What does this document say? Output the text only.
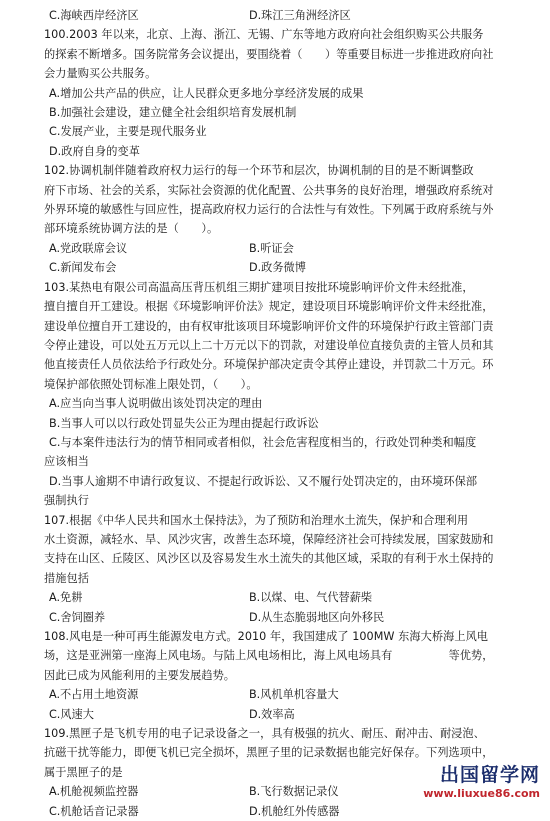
C.海峡西岸经济区	D.珠江三角洲经济区
100.2003 年以来，北京、上海、浙江、无锡、广东等地方政府向社会组织购买公共服务
的探索不断增多。国务院常务会议提出，要围绕着（　　）等重要目标进一步推进政府向社
会力量购买公共服务。
A.增加公共产品的供应，让人民群众更多地分享经济发展的成果
B.加强社会建设，建立健全社会组织培育发展机制
C.发展产业，主要是现代服务业
D.政府自身的变革
102.协调机制伴随着政府权力运行的每一个环节和层次，协调机制的目的是不断调整政
府下市场、社会的关系，实际社会资源的优化配置、公共事务的良好治理，增强政府系统对
外界环境的敏感性与回应性，提高政府权力运行的合法性与有效性。下列属于政府系统与外
部环境系统协调方法的是（　　）。
A.党政联席会议	B.听证会
C.新闻发布会	D.政务微博
103.某热电有限公司高温高压背压机组三期扩建项目按批环境影响评价文件未经批准，
擅自擅自开工建设。根据《环境影响评价法》规定，建设项目环境影响评价文件未经批准，
建设单位擅自开工建设的，由有权审批该项目环境影响评价文件的环境保护行政主管部门责
令停止建设，可以处五万元以上二十万元以下的罚款，对建设单位直接负责的主管人员和其
他直接责任人员依法给予行政处分。环境保护部决定责令其停止建设，并罚款二十万元。环
境保护部依照处罚标准上限处罚，（　　）。
A.应当向当事人说明做出该处罚决定的理由
B.当事人可以以行政处罚显失公正为理由提起行政诉讼
C.与本案件违法行为的情节相同或者相似，社会危害程度相当的，行政处罚种类和幅度
应该相当
D.当事人逾期不申请行政复议、不提起行政诉讼、又不履行处罚决定的，由环境环保部
强制执行
107.根据《中华人民共和国水土保持法》，为了预防和治理水土流失，保护和合理利用
水土资源，减轻水、旱、风沙灾害，改善生态环境，保障经济社会可持续发展，国家鼓励和
支持在山区、丘陵区、风沙区以及容易发生水土流失的其他区域，采取的有利于水土保持的
措施包括
A.免耕	B.以煤、电、气代替薪柴
C.舍饲圈养	D.从生态脆弱地区向外移民
108.风电是一种可再生能源发电方式。2010 年，我国建成了 100MW 东海大桥海上风电
场，这是亚洲第一座海上风电场。与陆上风电场相比，海上风电场具有　　　　　等优势，
因此已成为风能利用的主要发展趋势。
A.不占用土地资源	B.风机单机容量大
C.风速大	D.效率高
109.黑匣子是飞机专用的电子记录设备之一，具有极强的抗火、耐压、耐冲击、耐浸泡、
抗磁干扰等能力，即便飞机已完全损坏，黑匣子里的记录数据也能完好保存。下列选项中，
属于黑匣子的是
A.机舱视频监控器	B.飞行数据记录仪
C.机舱话音记录器	D.机舱红外传感器
出国留学网
www.liuxue86.com
